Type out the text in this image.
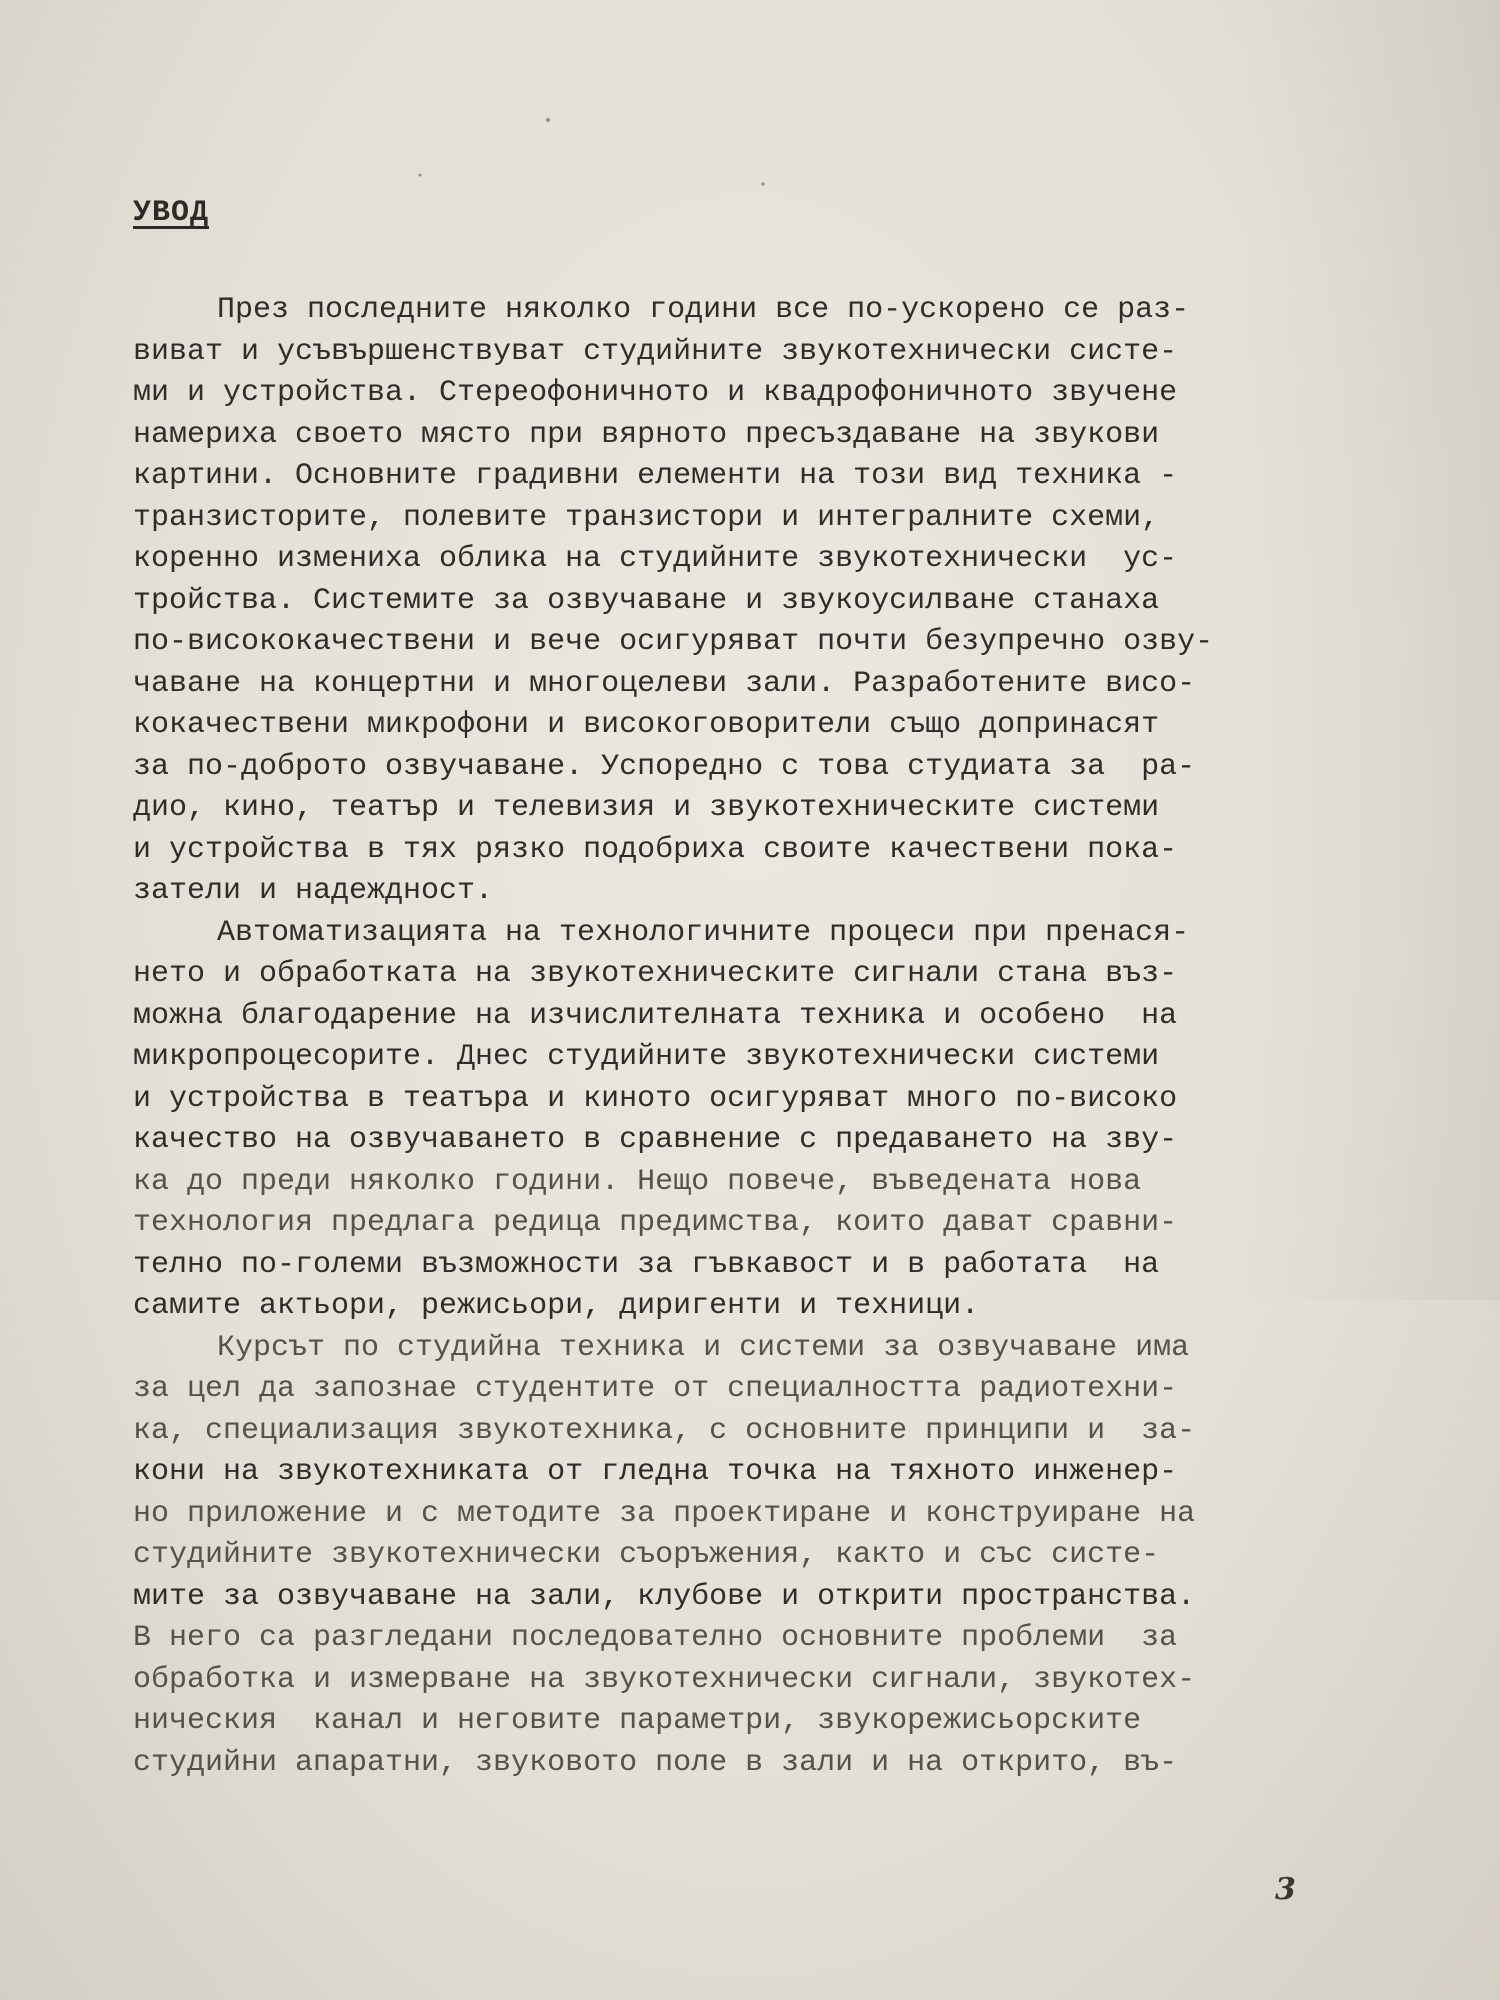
УВОД
През последните няколко години все по-ускорено се раз-
виват и усъвършенствуват студийните звукотехнически систе-
ми и устройства. Стереофоничното и квадрофоничното звучене
намериха своето място при вярното пресъздаване на звукови
картини. Основните градивни елементи на този вид техника -
транзисторите, полевите транзистори и интегралните схеми,
коренно измениха облика на студийните звукотехнически  ус-
тройства. Системите за озвучаване и звукоусилване станаха
по-висококачествени и вече осигуряват почти безупречно озву-
чаване на концертни и многоцелеви зали. Разработените висо-
кокачествени микрофони и високоговорители също допринасят
за по-доброто озвучаване. Успоредно с това студиата за  ра-
дио, кино, театър и телевизия и звукотехническите системи
и устройства в тях рязко подобриха своите качествени пока-
затели и надеждност.
Автоматизацията на технологичните процеси при пренася-
нето и обработката на звукотехническите сигнали стана въз-
можна благодарение на изчислителната техника и особено  на
микропроцесорите. Днес студийните звукотехнически системи
и устройства в театъра и киното осигуряват много по-високо
качество на озвучаването в сравнение с предаването на зву-
ка до преди няколко години. Нещо повече, въведената нова
технология предлага редица предимства, които дават сравни-
телно по-големи възможности за гъвкавост и в работата  на
самите актьори, режисьори, диригенти и техници.
Курсът по студийна техника и системи за озвучаване има
за цел да запознае студентите от специалността радиотехни-
ка, специализация звукотехника, с основните принципи и  за-
кони на звукотехниката от гледна точка на тяхното инженер-
но приложение и с методите за проектиране и конструиране на
студийните звукотехнически съоръжения, както и със систе-
мите за озвучаване на зали, клубове и открити пространства.
В него са разгледани последователно основните проблеми  за
обработка и измерване на звукотехнически сигнали, звукотех-
ническия  канал и неговите параметри, звукорежисьорските
студийни апаратни, звуковото поле в зали и на открито, въ-
3
